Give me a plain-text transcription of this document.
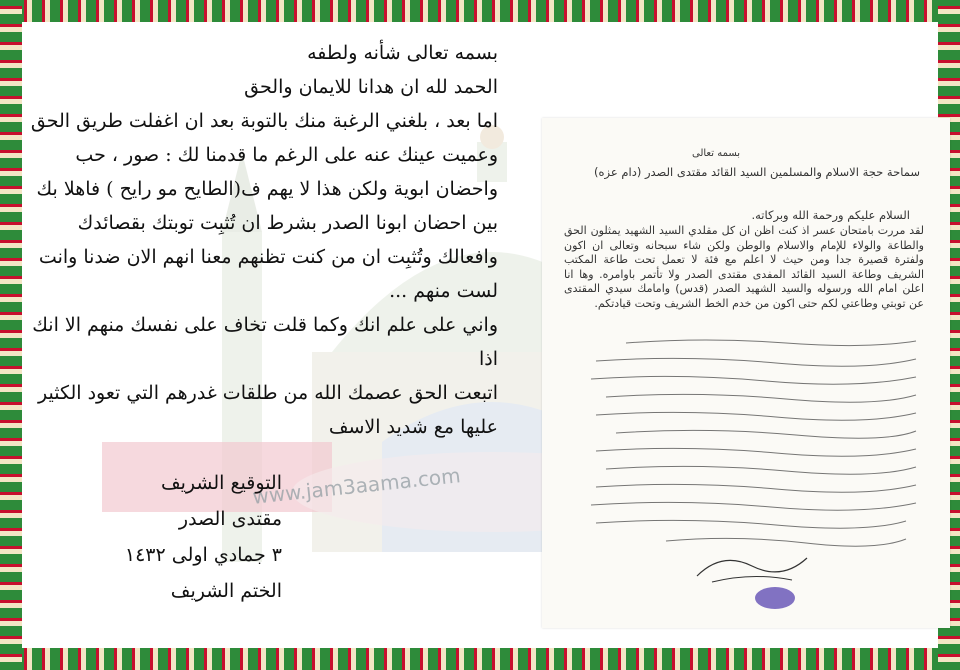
www.jam3aama.com
بسمه تعالى
سماحة حجة الاسلام والمسلمين السيد القائد مقتدى الصدر (دام عزه)
السلام عليكم ورحمة الله وبركاته.
لقد مررت بامتحان عسر اذ كنت اظن ان كل مقلدي السيد الشهيد يمثلون الحق والطاعة والولاء للإمام والاسلام والوطن ولكن شاء سبحانه وتعالى ان اكون ولفترة قصيرة جدا ومن حيث لا اعلم مع فئة لا تعمل تحت طاعة المكتب الشريف وطاعة السيد القائد المفدى مقتدى الصدر ولا تأتمر باوامره. وها انا اعلن امام الله ورسوله والسيد الشهيد الصدر (قدس) وامامك سيدي المقتدى عن توبتي وطاعتي لكم حتى اكون من خدم الخط الشريف وتحت قيادتكم.

بسمه تعالى شأنه ولطفه

الحمد لله ان هدانا للايمان والحق

اما بعد ، بلغني الرغبة منك بالتوبة بعد ان اغفلت طريق الحق

وعميت عينك عنه على الرغم ما قدمنا لك : صور ، حب

واحضان ابوية ولكن هذا لا يهم ف(الطايح مو رايح ) فاهلا بك

بين احضان ابونا الصدر بشرط ان تُثبِت توبتك بقصائدك

وافعالك وتُثبِت ان من كنت تظنهم معنا انهم الان ضدنا وانت

لست منهم ...

واني على علم انك وكما قلت تخاف على نفسك منهم الا انك اذا

اتبعت الحق عصمك الله من طلقات غدرهم التي تعود الكثير

عليها مع شديد الاسف

التوقيع الشريف

مقتدى الصدر

٣ جمادي اولى ١٤٣٢

الختم الشريف
